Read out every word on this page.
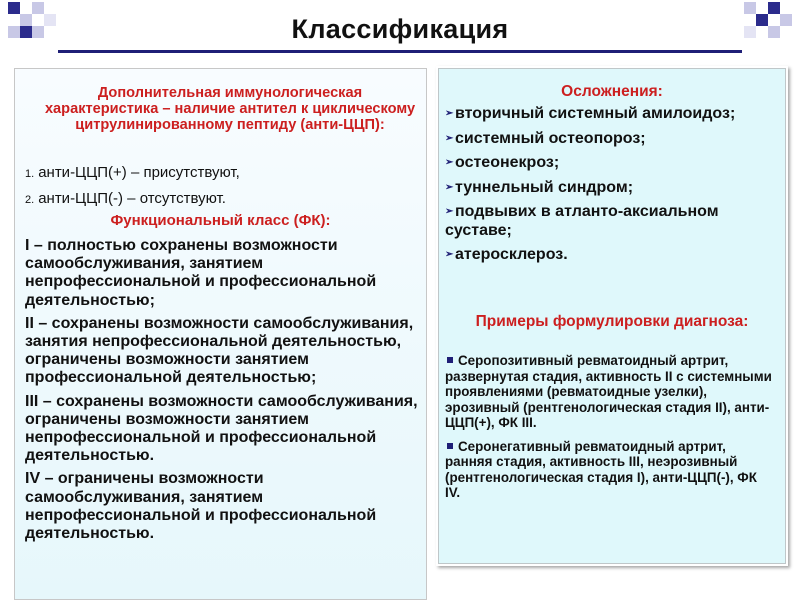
Классификация
Дополнительная иммунологическая характеристика – наличие антител к циклическому цитрулинированному пептиду (анти-ЦЦП):
1. анти-ЦЦП(+) – присутствуют,
2. анти-ЦЦП(-) – отсутствуют.
Функциональный класс (ФК):

I – полностью сохранены возможности самообслуживания, занятием непрофессиональной и профессиональной деятельностью;

II – сохранены возможности самообслуживания, занятия непрофессиональной деятельностью, ограничены возможности занятием профессиональной деятельностью;

III – сохранены возможности самообслуживания, ограничены возможности занятием непрофессиональной и профессиональной деятельностью.

IV – ограничены возможности самообслуживания, занятием непрофессиональной и профессиональной деятельностью.

Осложнения:
➢ вторичный системный амилоидоз;
➢ системный остеопороз;
➢ остеонекроз;
➢ туннельный синдром;
➢ подвывих в атланто-аксиальном суставе;
➢ атеросклероз.
Примеры формулировки диагноза:

Серопозитивный ревматоидный артрит, развернутая стадия, активность II с системными проявлениями (ревматоидные узелки), эрозивный (рентгенологическая стадия II), анти-ЦЦП(+), ФК III.

Серонегативный ревматоидный артрит, ранняя стадия, активность III, неэрозивный (рентгенологическая стадия I), анти-ЦЦП(-), ФК IV.
